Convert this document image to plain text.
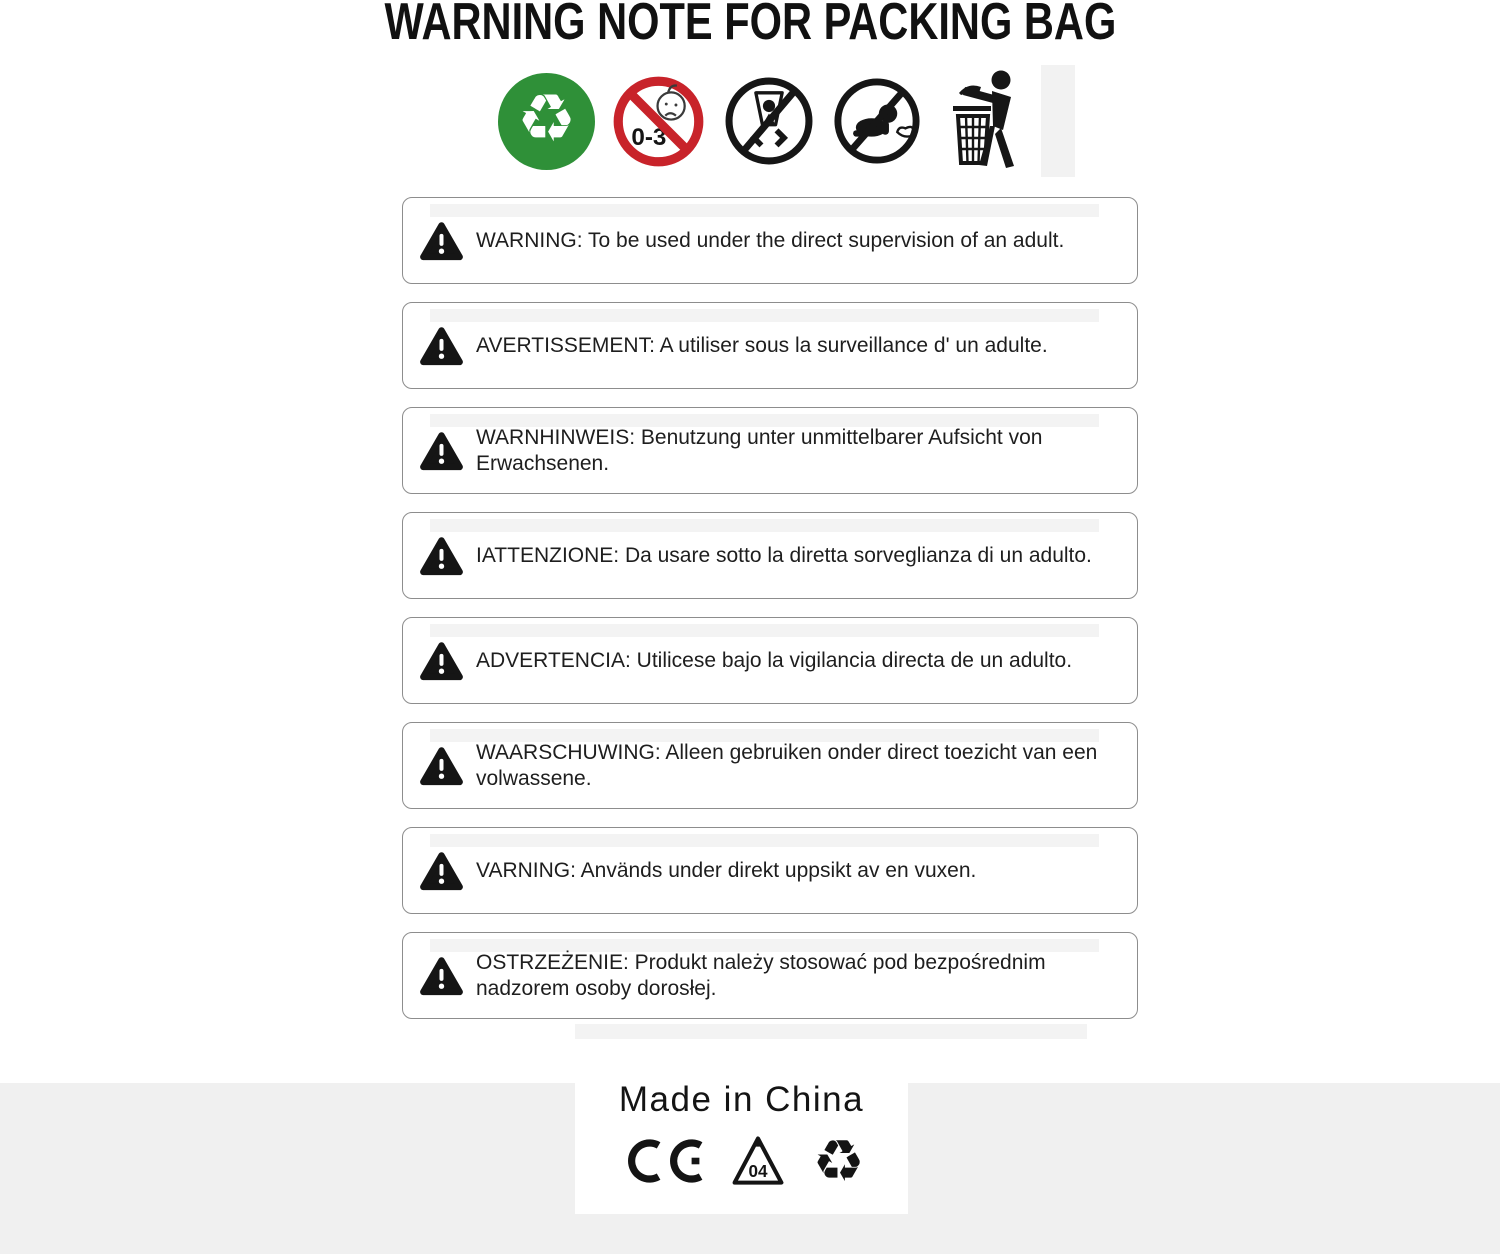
WARNING NOTE FOR PACKING BAG
♻ 0-3
WARNING: To be used under the direct supervision of an adult.
AVERTISSEMENT: A utiliser sous la surveillance d' un adulte.
WARNHINWEIS: Benutzung unter unmittelbarer Aufsicht von Erwachsenen.
IATTENZIONE: Da usare sotto la diretta sorveglianza di un adulto.
ADVERTENCIA: Utilicese bajo la vigilancia directa de un adulto.
WAARSCHUWING: Alleen gebruiken onder direct toezicht van een volwassene.
VARNING: Används under direkt uppsikt av en vuxen.
OSTRZEŻENIE: Produkt należy stosować pod bezpośrednim nadzorem osoby dorosłej.
Made in China
04 ♻
